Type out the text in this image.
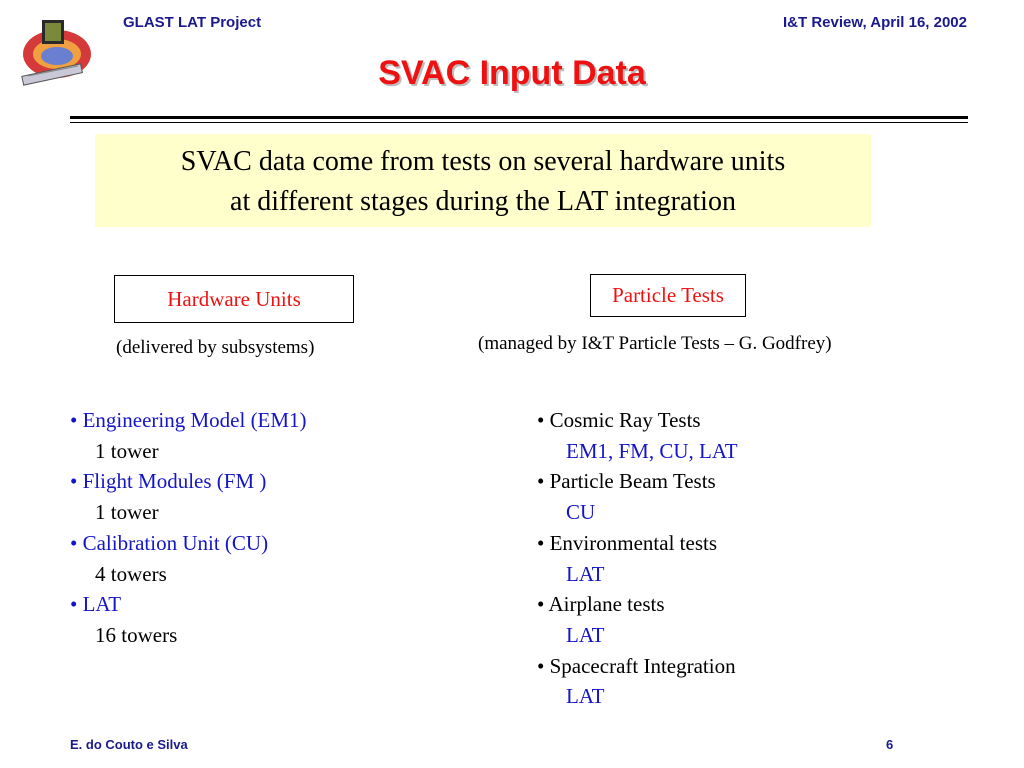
GLAST LAT Project	I&T Review, April 16, 2002
SVAC Input Data
SVAC data come from tests on several hardware units
at different stages during the LAT integration
Hardware Units
(delivered by subsystems)
Particle Tests
(managed by I&T Particle Tests – G. Godfrey)
• Engineering Model (EM1)
1 tower
• Flight Modules (FM )
1 tower
• Calibration Unit (CU)
4 towers
• LAT
16 towers
• Cosmic Ray Tests
EM1, FM, CU, LAT
• Particle Beam Tests
CU
• Environmental tests
LAT
• Airplane tests
LAT
• Spacecraft Integration
LAT
E. do Couto e Silva	6
